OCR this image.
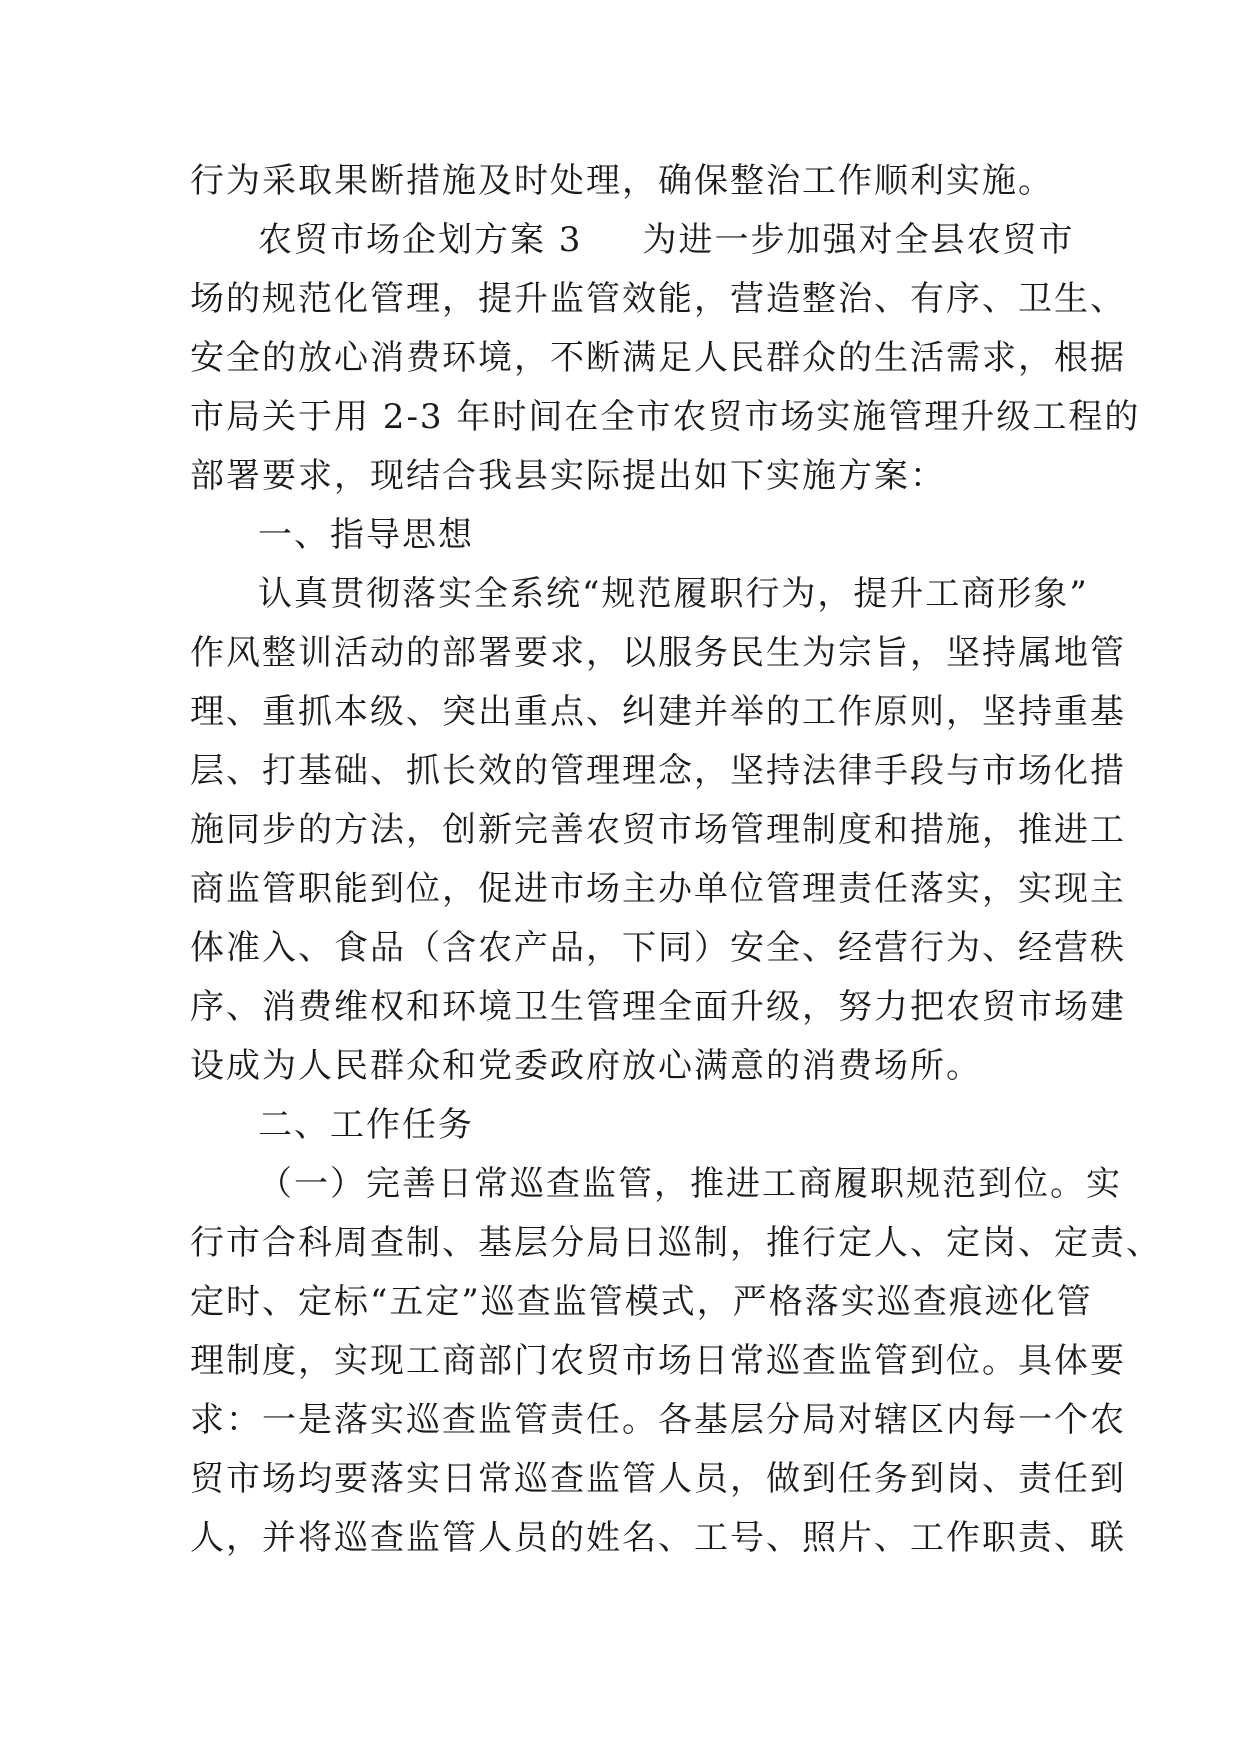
行为采取果断措施及时处理，确保整治工作顺利实施。
农贸市场企划方案 3 为进一步加强对全县农贸市
场的规范化管理，提升监管效能，营造整治、有序、卫生、
安全的放心消费环境，不断满足人民群众的生活需求，根据
市局关于用 2-3 年时间在全市农贸市场实施管理升级工程的
部署要求，现结合我县实际提出如下实施方案：
一、指导思想
认真贯彻落实全系统“规范履职行为，提升工商形象”
作风整训活动的部署要求，以服务民生为宗旨，坚持属地管
理、重抓本级、突出重点、纠建并举的工作原则，坚持重基
层、打基础、抓长效的管理理念，坚持法律手段与市场化措
施同步的方法，创新完善农贸市场管理制度和措施，推进工
商监管职能到位，促进市场主办单位管理责任落实，实现主
体准入、食品（含农产品，下同）安全、经营行为、经营秩
序、消费维权和环境卫生管理全面升级，努力把农贸市场建
设成为人民群众和党委政府放心满意的消费场所。
二、工作任务
（一）完善日常巡查监管，推进工商履职规范到位。实
行市合科周查制、基层分局日巡制，推行定人、定岗、定责、
定时、定标“五定”巡查监管模式，严格落实巡查痕迹化管
理制度，实现工商部门农贸市场日常巡查监管到位。具体要
求：一是落实巡查监管责任。各基层分局对辖区内每一个农
贸市场均要落实日常巡查监管人员，做到任务到岗、责任到
人，并将巡查监管人员的姓名、工号、照片、工作职责、联
